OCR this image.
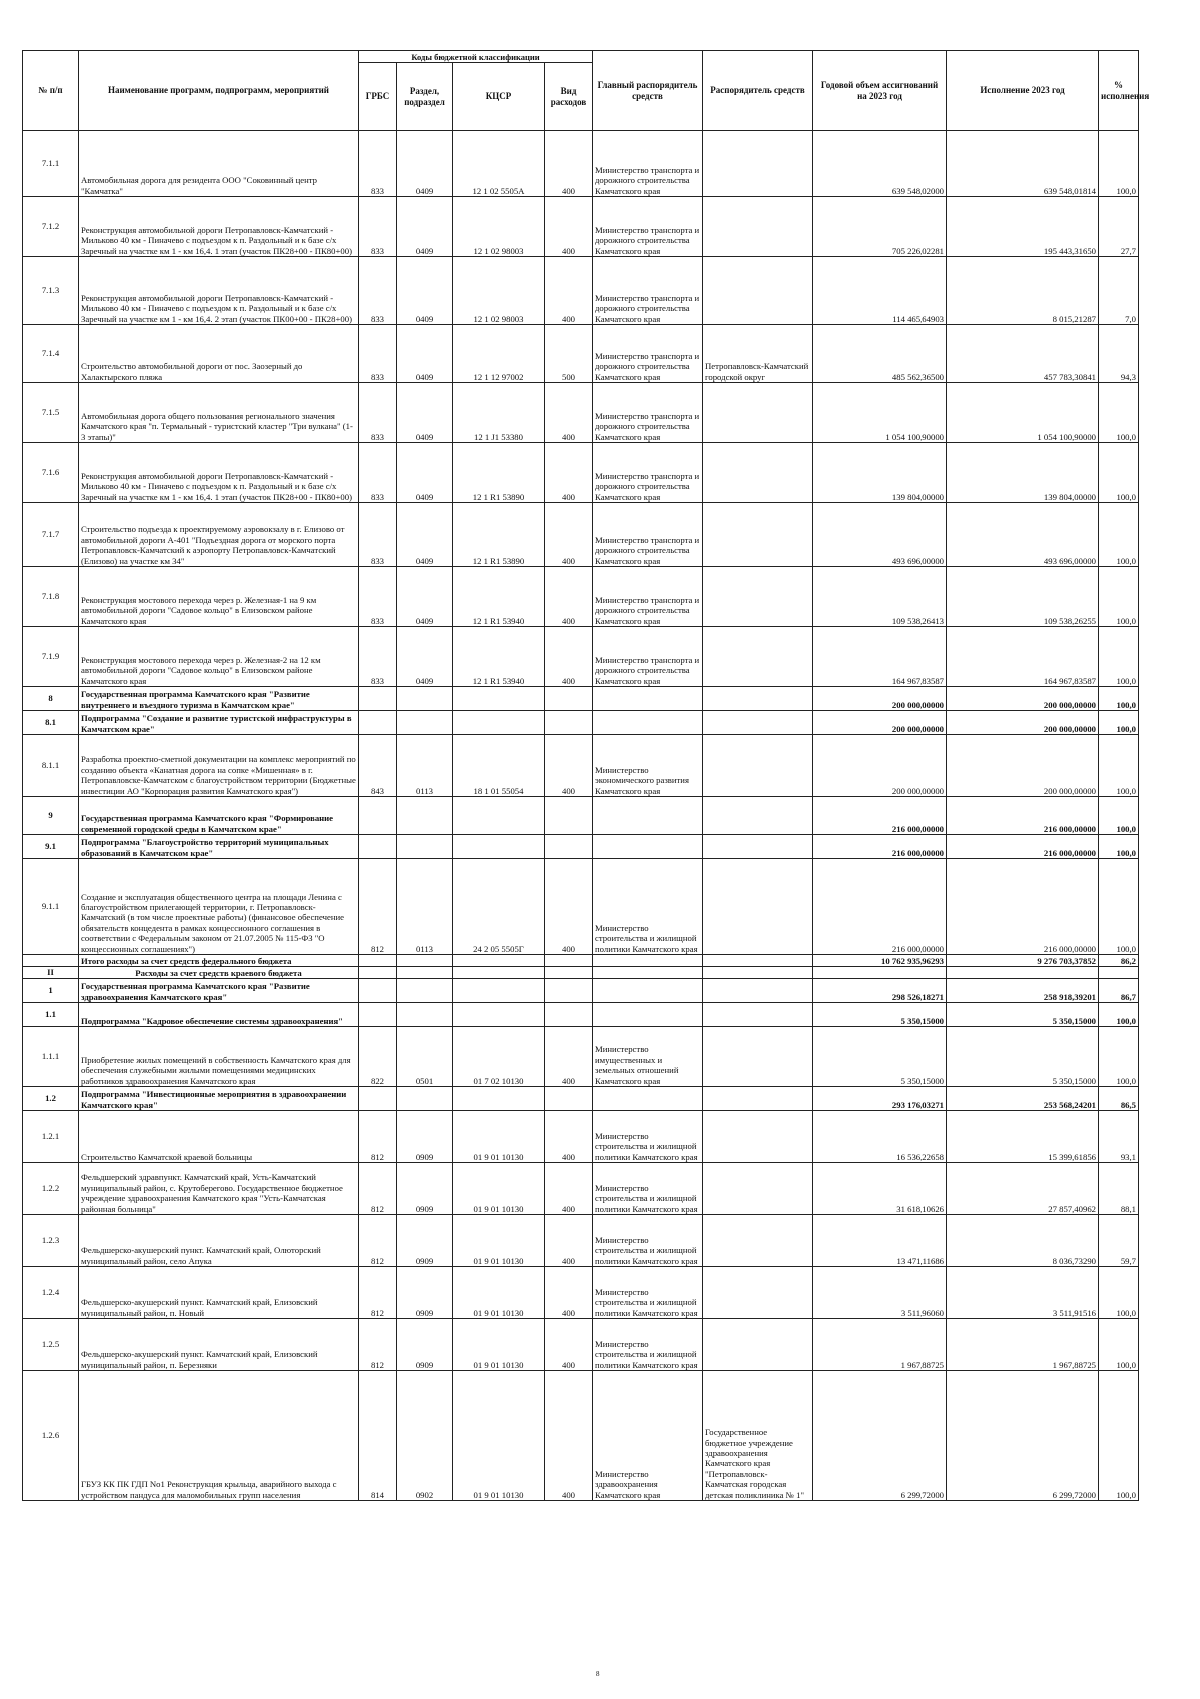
№ п/п	Наименование программ, подпрограмм, мероприятий	Коды бюджетной классификации				Главный распорядитель средств	Распорядитель средств	Годовой объем ассигнований на 2023 год	Исполнение 2023 год	% исполнения
		ГРБС	Раздел, подраздел	КЦСР	Вид расходов					
7.1.1	Автомобильная дорога для резидента ООО "Соковинный центр "Камчатка"	833	0409	12 1 02 5505А	400	Министерство транспорта и дорожного строительства Камчатского края		639 548,02000	639 548,01814	100,0
7.1.2	Реконструкция автомобильной дороги Петропавловск-Камчатский - Мильково 40 км - Пиначево с подъездом к п. Раздольный и к базе с/х Заречный на участке км 1 - км 16,4. 1 этап (участок ПК28+00 - ПК80+00)	833	0409	12 1 02 98003	400	Министерство транспорта и дорожного строительства Камчатского края		705 226,02281	195 443,31650	27,7
7.1.3	Реконструкция автомобильной дороги Петропавловск-Камчатский - Мильково 40 км - Пиначево с подъездом к п. Раздольный и к базе с/х Заречный на участке км 1 - км 16,4. 2 этап (участок ПК00+00 - ПК28+00)	833	0409	12 1 02 98003	400	Министерство транспорта и дорожного строительства Камчатского края		114 465,64903	8 015,21287	7,0
7.1.4	Строительство автомобильной дороги от пос. Заозерный до Халактырского пляжа	833	0409	12 1 12 97002	500	Министерство транспорта и дорожного строительства Камчатского края	Петропавловск-Камчатский городской округ	485 562,36500	457 783,30841	94,3
7.1.5	Автомобильная дорога общего пользования регионального значения Камчатского края "п. Термальный - туристский кластер "Три вулкана" (1-3 этапы)"	833	0409	12 1 J1 53380	400	Министерство транспорта и дорожного строительства Камчатского края		1 054 100,90000	1 054 100,90000	100,0
7.1.6	Реконструкция автомобильной дороги Петропавловск-Камчатский - Мильково 40 км - Пиначево с подъездом к п. Раздольный и к базе с/х Заречный на участке км 1 - км 16,4. 1 этап (участок ПК28+00 - ПК80+00)	833	0409	12 1 R1 53890	400	Министерство транспорта и дорожного строительства Камчатского края		139 804,00000	139 804,00000	100,0
7.1.7	Строительство подъезда к проектируемому аэровокзалу в г. Елизово от автомобильной дороги А-401 "Подъездная дорога от морского порта Петропавловск-Камчатский к аэропорту Петропавловск-Камчатский (Елизово) на участке км 34"	833	0409	12 1 R1 53890	400	Министерство транспорта и дорожного строительства Камчатского края		493 696,00000	493 696,00000	100,0
7.1.8	Реконструкция мостового перехода через р. Железная-1 на 9 км автомобильной дороги "Садовое кольцо" в Елизовском районе Камчатского края	833	0409	12 1 R1 53940	400	Министерство транспорта и дорожного строительства Камчатского края		109 538,26413	109 538,26255	100,0
7.1.9	Реконструкция мостового перехода через р. Железная-2 на 12 км автомобильной дороги "Садовое кольцо" в Елизовском районе Камчатского края	833	0409	12 1 R1 53940	400	Министерство транспорта и дорожного строительства Камчатского края		164 967,83587	164 967,83587	100,0
8	Государственная программа Камчатского края "Развитие внутреннего и въездного туризма в Камчатском крае"							200 000,00000	200 000,00000	100,0
8.1	Подпрограмма "Создание и развитие туристской инфраструктуры в Камчатском крае"							200 000,00000	200 000,00000	100,0
8.1.1	Разработка проектно-сметной документации на комплекс мероприятий по созданию объекта «Канатная дорога на сопке «Мишенная» в г. Петропавловске-Камчатском с благоустройством территории (Бюджетные инвестиции АО "Корпорация развития Камчатского края")	843	0113	18 1 01 55054	400	Министерство экономического развития Камчатского края		200 000,00000	200 000,00000	100,0
9	Государственная программа Камчатского края "Формирование современной городской среды в Камчатском крае"							216 000,00000	216 000,00000	100,0
9.1	Подпрограмма "Благоустройство территорий муниципальных образований в Камчатском крае"							216 000,00000	216 000,00000	100,0
9.1.1	Создание и эксплуатация общественного центра на площади Ленина с благоустройством прилегающей территории, г. Петропавловск-Камчатский (в том числе проектные работы) (финансовое обеспечение обязательств концедента в рамках концессионного соглашения в соответствии с Федеральным законом от 21.07.2005 № 115-ФЗ "О концессионных соглашениях")	812	0113	24 2 05 5505Г	400	Министерство строительства и жилищной политики Камчатского края		216 000,00000	216 000,00000	100,0
	Итого расходы за счет средств федерального бюджета							10 762 935,96293	9 276 703,37852	86,2
II	Расходы за счет средств краевого бюджета									
1	Государственная программа Камчатского края "Развитие здравоохранения Камчатского края"							298 526,18271	258 918,39201	86,7
1.1	Подпрограмма "Кадровое обеспечение системы здравоохранения"							5 350,15000	5 350,15000	100,0
1.1.1	Приобретение жилых помещений в собственность Камчатского края для обеспечения служебными жилыми помещениями медицинских работников здравоохранения Камчатского края	822	0501	01 7 02 10130	400	Министерство имущественных и земельных отношений Камчатского края		5 350,15000	5 350,15000	100,0
1.2	Подпрограмма "Инвестиционные мероприятия в здравоохранении Камчатского края"							293 176,03271	253 568,24201	86,5
1.2.1	Строительство Камчатской краевой больницы	812	0909	01 9 01 10130	400	Министерство строительства и жилищной политики Камчатского края		16 536,22658	15 399,61856	93,1
1.2.2	Фельдшерский здравпункт. Камчатский край, Усть-Камчатский муниципальный район, с. Крутоберегово. Государственное бюджетное учреждение здравоохранения Камчатского края "Усть-Камчатская районная больница"	812	0909	01 9 01 10130	400	Министерство строительства и жилищной политики Камчатского края		31 618,10626	27 857,40962	88,1
1.2.3	Фельдшерско-акушерский пункт. Камчатский край, Олюторский муниципальный район, село Апука	812	0909	01 9 01 10130	400	Министерство строительства и жилищной политики Камчатского края		13 471,11686	8 036,73290	59,7
1.2.4	Фельдшерско-акушерский пункт. Камчатский край, Елизовский муниципальный район, п. Новый	812	0909	01 9 01 10130	400	Министерство строительства и жилищной политики Камчатского края		3 511,96060	3 511,91516	100,0
1.2.5	Фельдшерско-акушерский пункт. Камчатский край, Елизовский муниципальный район, п. Березняки	812	0909	01 9 01 10130	400	Министерство строительства и жилищной политики Камчатского края		1 967,88725	1 967,88725	100,0
1.2.6	ГБУЗ КК ПК ГДП No1 Реконструкция крыльца, аварийного выхода с устройством пандуса для маломобильных групп населения	814	0902	01 9 01 10130	400	Министерство здравоохранения Камчатского края	Государственное бюджетное учреждение здравоохранения Камчатского края "Петропавловск-Камчатская городская детская поликлиника № 1"	6 299,72000	6 299,72000	100,0
8
